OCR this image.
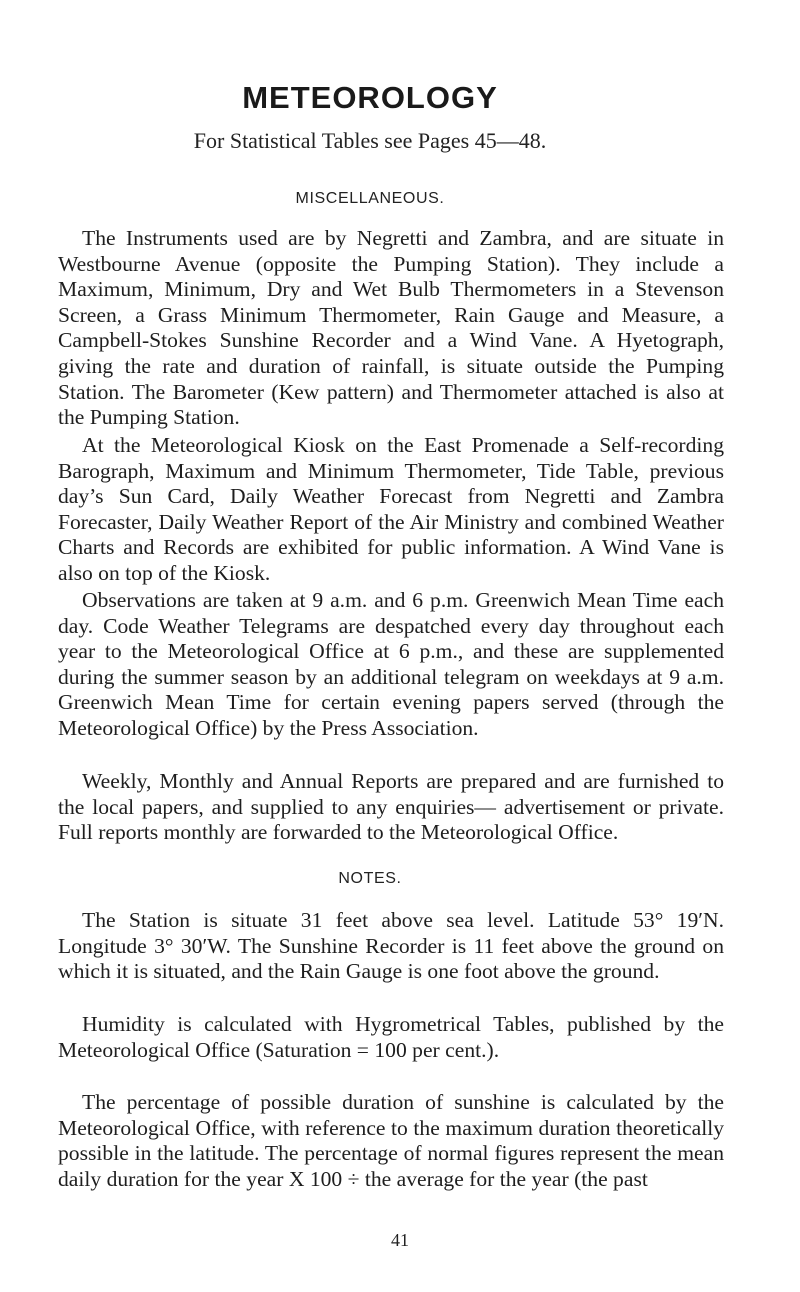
METEOROLOGY
For Statistical Tables see Pages 45—48.
MISCELLANEOUS.

The Instruments used are by Negretti and Zambra, and are situate in Westbourne Avenue (opposite the Pumping Station). They include a Maximum, Minimum, Dry and Wet Bulb Thermometers in a Stevenson Screen, a Grass Minimum Thermometer, Rain Gauge and Measure, a Campbell-Stokes Sunshine Recorder and a Wind Vane. A Hyetograph, giving the rate and duration of rainfall, is situate outside the Pumping Station. The Barometer (Kew pattern) and Thermometer attached is also at the Pumping Station.

At the Meteorological Kiosk on the East Promenade a Self-recording Barograph, Maximum and Minimum Thermometer, Tide Table, previous day’s Sun Card, Daily Weather Forecast from Negretti and Zambra Forecaster, Daily Weather Report of the Air Ministry and combined Weather Charts and Records are exhibited for public information. A Wind Vane is also on top of the Kiosk.

Observations are taken at 9 a.m. and 6 p.m. Greenwich Mean Time each day. Code Weather Telegrams are despatched every day throughout each year to the Meteorological Office at 6 p.m., and these are supplemented during the summer season by an additional telegram on weekdays at 9 a.m. Greenwich Mean Time for certain evening papers served (through the Meteorological Office) by the Press Association.

Weekly, Monthly and Annual Reports are prepared and are furnished to the local papers, and supplied to any enquiries— advertisement or private. Full reports monthly are forwarded to the Meteorological Office.

NOTES.

The Station is situate 31 feet above sea level. Latitude 53° 19′N. Longitude 3° 30′W. The Sunshine Recorder is 11 feet above the ground on which it is situated, and the Rain Gauge is one foot above the ground.

Humidity is calculated with Hygrometrical Tables, published by the Meteorological Office (Saturation = 100 per cent.).

The percentage of possible duration of sunshine is calculated by the Meteorological Office, with reference to the maximum duration theoretically possible in the latitude. The percentage of normal figures represent the mean daily duration for the year X 100 ÷ the average for the year (the past

41
